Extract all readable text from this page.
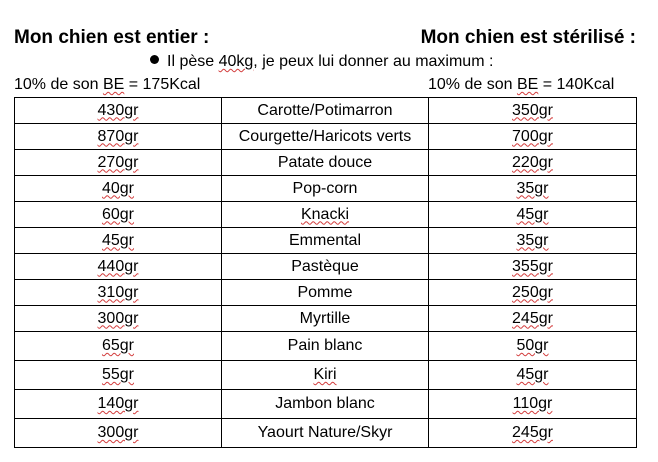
Mon chien est entier :	Mon chien est stérilisé :
Il pèse 40kg, je peux lui donner au maximum :
10% de son BE = 175Kcal	10% de son BE = 140Kcal
430gr	Carotte/Potimarron	350gr
870gr	Courgette/Haricots verts	700gr
270gr	Patate douce	220gr
40gr	Pop-corn	35gr
60gr	Knacki	45gr
45gr	Emmental	35gr
440gr	Pastèque	355gr
310gr	Pomme	250gr
300gr	Myrtille	245gr
65gr	Pain blanc	50gr
55gr	Kiri	45gr
140gr	Jambon blanc	110gr
300gr	Yaourt Nature/Skyr	245gr
